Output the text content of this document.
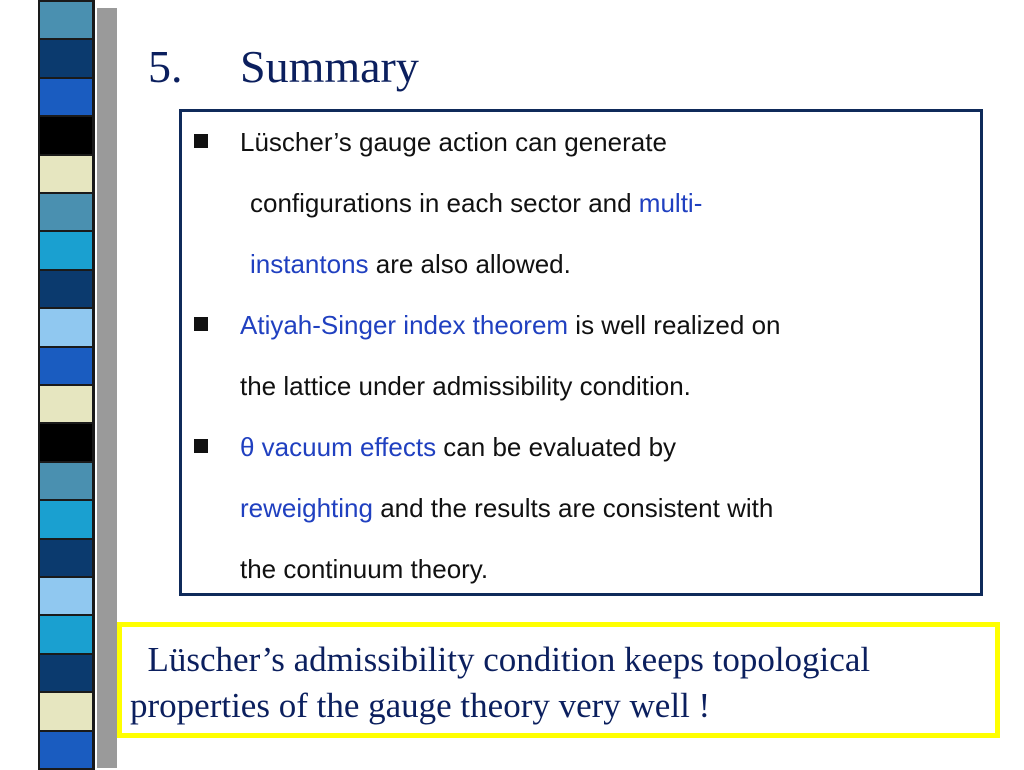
5.     Summary
Lüscher’s gauge action can generate
configurations in each sector and multi-
instantons are also allowed.
Atiyah-Singer index theorem is well realized on
the lattice under admissibility condition.
θ vacuum effects can be evaluated by
reweighting and the results are consistent with
the continuum theory.

Lüscher’s admissibility condition keeps topological

properties of the gauge theory very well !
